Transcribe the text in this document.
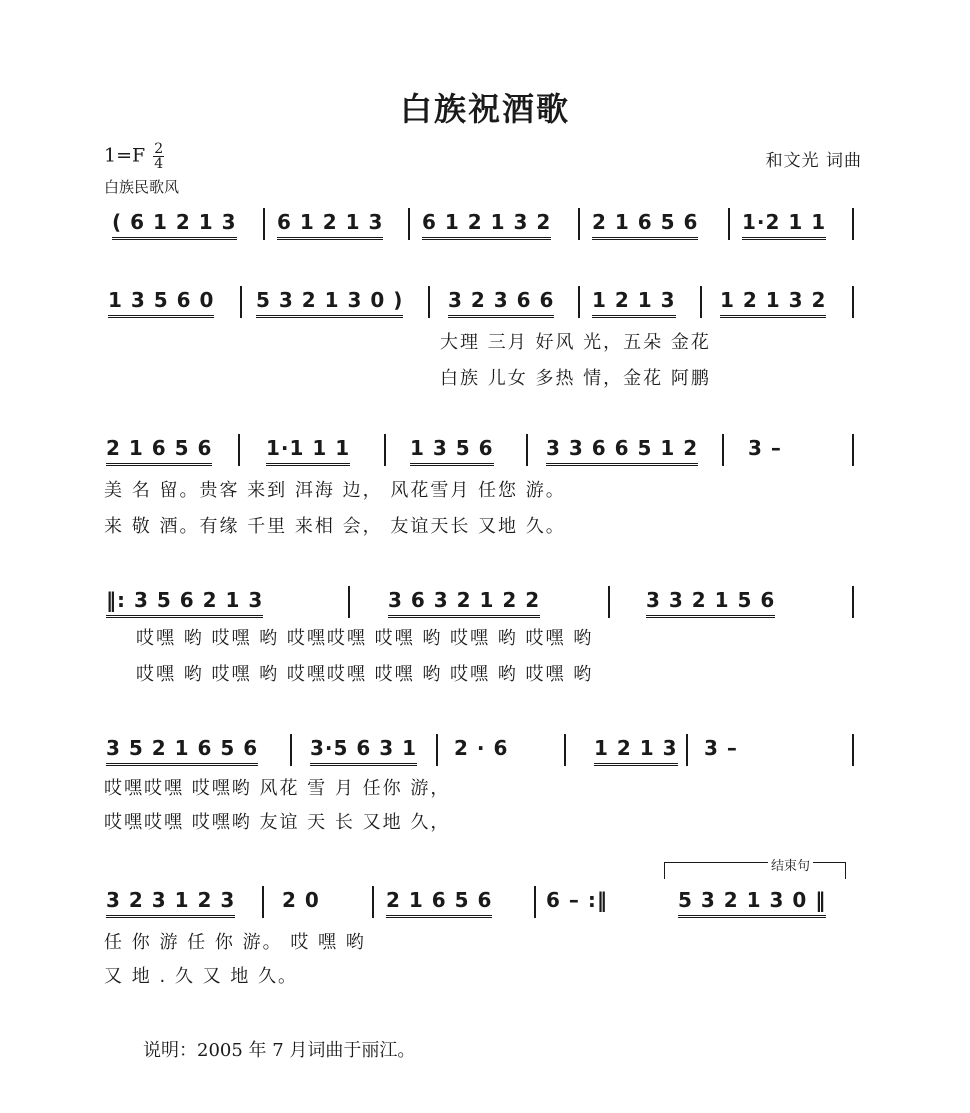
白族祝酒歌
$1=F \frac{2}{4}$	和文光 词曲
白族民歌风
( 6 1 2 1 3 6 1 2 1 3 6 1 2 1 3 2 2 1 6 5 6 1·2 1 1
1 3 5 6 0 5 3 2 1 3 0 ) 3 2 3 6 6 1 2 1 3 1 2 1 3 2
大理 三月 好风 光，五朵 金花
白族 儿女 多热 情，金花 阿鹏
2 1 6 5 6	1·1 1 1	1 3 5 6	3 3 6 6 5 1 2 3 –
美 名 留。贵客 来到 洱海 边， 风花雪月 任您 游。
来 敬 酒。有缘 千里 来相 会， 友谊天长 又地 久。
‖: 3 5 6 2 1 3	3 6 3 2 1 2 2	3 3 2 1 5 6
哎嘿 哟 哎嘿 哟 哎嘿哎嘿 哎嘿 哟 哎嘿 哟 哎嘿 哟
哎嘿 哟 哎嘿 哟 哎嘿哎嘿 哎嘿 哟 哎嘿 哟 哎嘿 哟
3 5 2 1 6 5 6	3·5 6 3 1 2 · 6	1 2 1 3 3 –
哎嘿哎嘿 哎嘿哟 风花 雪 月 任你 游，
哎嘿哎嘿 哎嘿哟 友谊 天 长 又地 久，
结束句
3 2 3 1 2 3 2 0	2 1 6 5 6	6 – :‖	5 3 2 1 3 0 ‖
任 你 游 任 你 游。 哎 嘿 哟
又 地 . 久 又 地 久。
说明：2005 年 7 月词曲于丽江。
